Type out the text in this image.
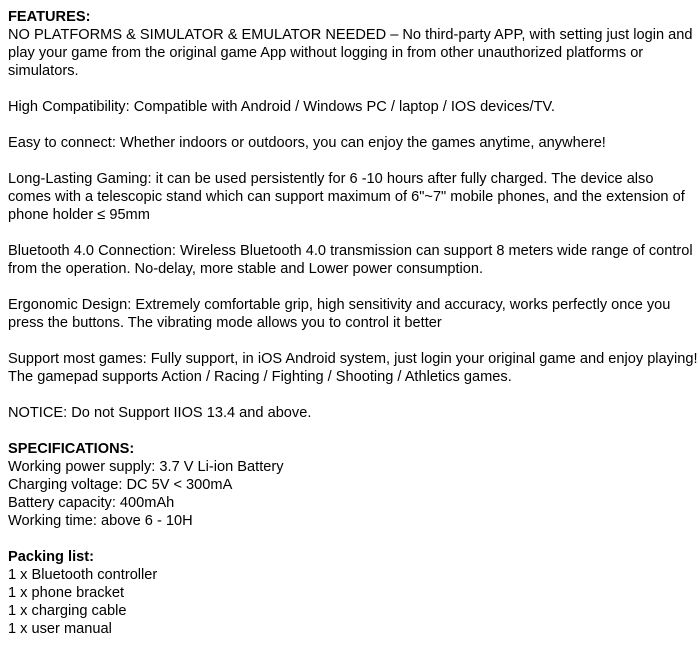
FEATURES:
NO PLATFORMS & SIMULATOR & EMULATOR NEEDED – No third-party APP, with setting just login and play your game from the original game App without logging in from other unauthorized platforms or simulators.
High Compatibility: Compatible with Android / Windows PC / laptop / IOS devices/TV.
Easy to connect: Whether indoors or outdoors, you can enjoy the games anytime, anywhere!
Long-Lasting Gaming: it can be used persistently for 6 -10 hours after fully charged. The device also comes with a telescopic stand which can support maximum of 6"~7" mobile phones, and the extension of phone holder ≤ 95mm
Bluetooth 4.0 Connection: Wireless Bluetooth 4.0 transmission can support 8 meters wide range of control from the operation. No-delay, more stable and Lower power consumption.
Ergonomic Design: Extremely comfortable grip, high sensitivity and accuracy, works perfectly once you press the buttons. The vibrating mode allows you to control it better
Support most games: Fully support, in iOS Android system, just login your original game and enjoy playing! The gamepad supports Action / Racing / Fighting / Shooting / Athletics games.
NOTICE: Do not Support IIOS 13.4 and above.
SPECIFICATIONS:
Working power supply: 3.7 V Li-ion Battery
Charging voltage: DC 5V < 300mA
Battery capacity: 400mAh
Working time: above 6 - 10H
Packing list:
1 x Bluetooth controller
1 x phone bracket
1 x charging cable
1 x user manual
